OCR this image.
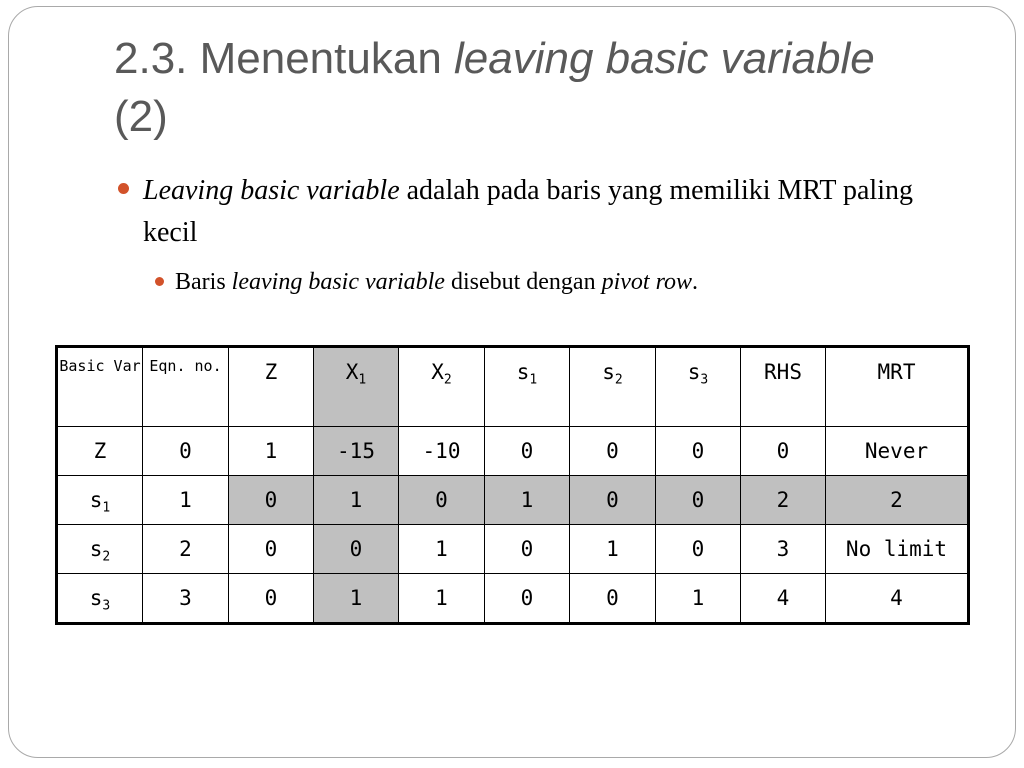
2.3. Menentukan leaving basic variable (2)
Leaving basic variable adalah pada baris yang memiliki MRT paling kecil
Baris leaving basic variable disebut dengan pivot row.
Basic Var	Eqn. no.	Z	$X_1$	$X_2$	$s_1$	$s_2$	$s_3$	RHS	MRT
Z	0	1	-15	-10	0	0	0	0	Never
$s_1$	1	0	1	0	1	0	0	2	2
$s_2$	2	0	0	1	0	1	0	3	No limit
$s_3$	3	0	1	1	0	0	1	4	4
